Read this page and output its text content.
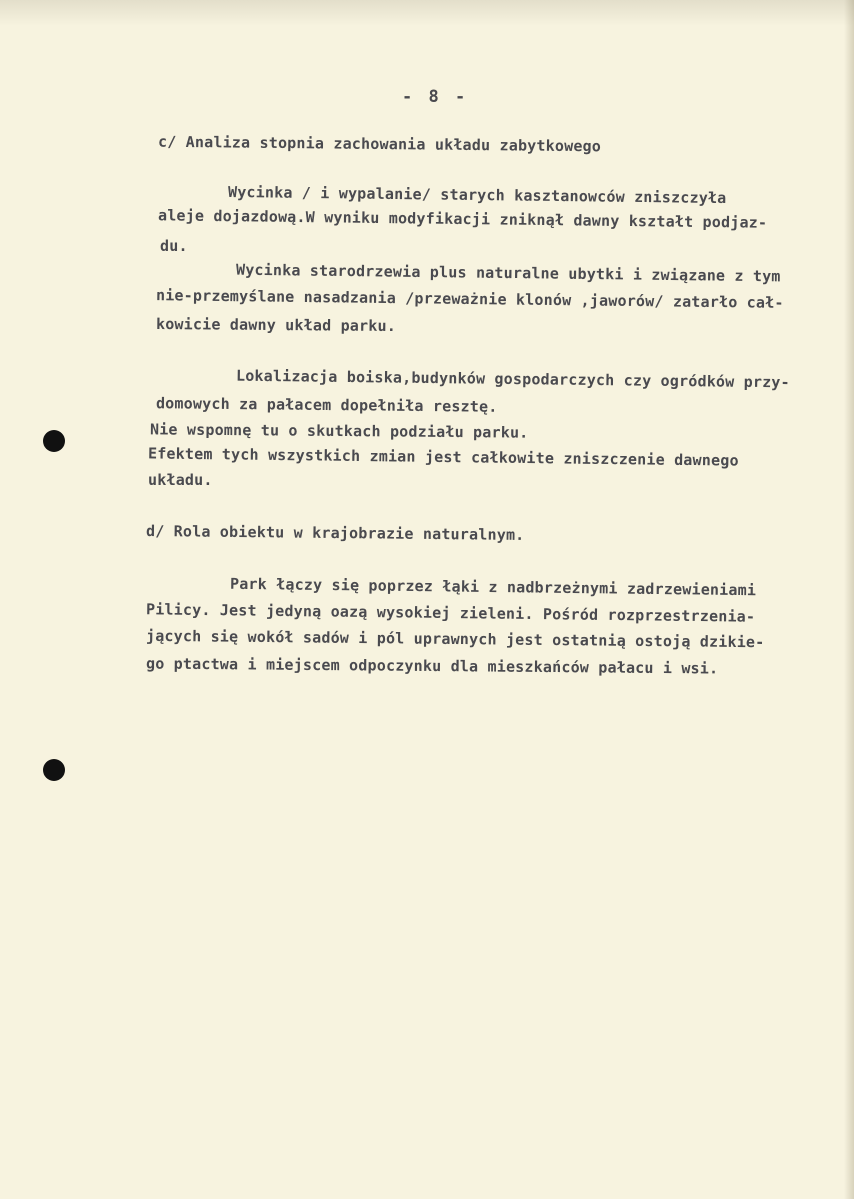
- 8 -

c/ Analiza stopnia zachowania układu zabytkowego

Wycinka / i wypalanie/ starych kasztanowców zniszczyła

aleje dojazdową.W wyniku modyfikacji zniknął dawny kształt podjaz-

du.

Wycinka starodrzewia plus naturalne ubytki i związane z tym

nie-przemyślane nasadzania /przeważnie klonów ,jaworów/ zatarło cał-

kowicie dawny układ parku.

Lokalizacja boiska,budynków gospodarczych czy ogródków przy-

domowych za pałacem dopełniła resztę.

Nie wspomnę tu o skutkach podziału parku.

Efektem tych wszystkich zmian jest całkowite zniszczenie dawnego

układu.

d/ Rola obiektu w krajobrazie naturalnym.

Park łączy się poprzez łąki z nadbrzeżnymi zadrzewieniami

Pilicy. Jest jedyną oazą wysokiej zieleni. Pośród rozprzestrzenia-

jących się wokół sadów i pól uprawnych jest ostatnią ostoją dzikie-

go ptactwa i miejscem odpoczynku dla mieszkańców pałacu i wsi.
